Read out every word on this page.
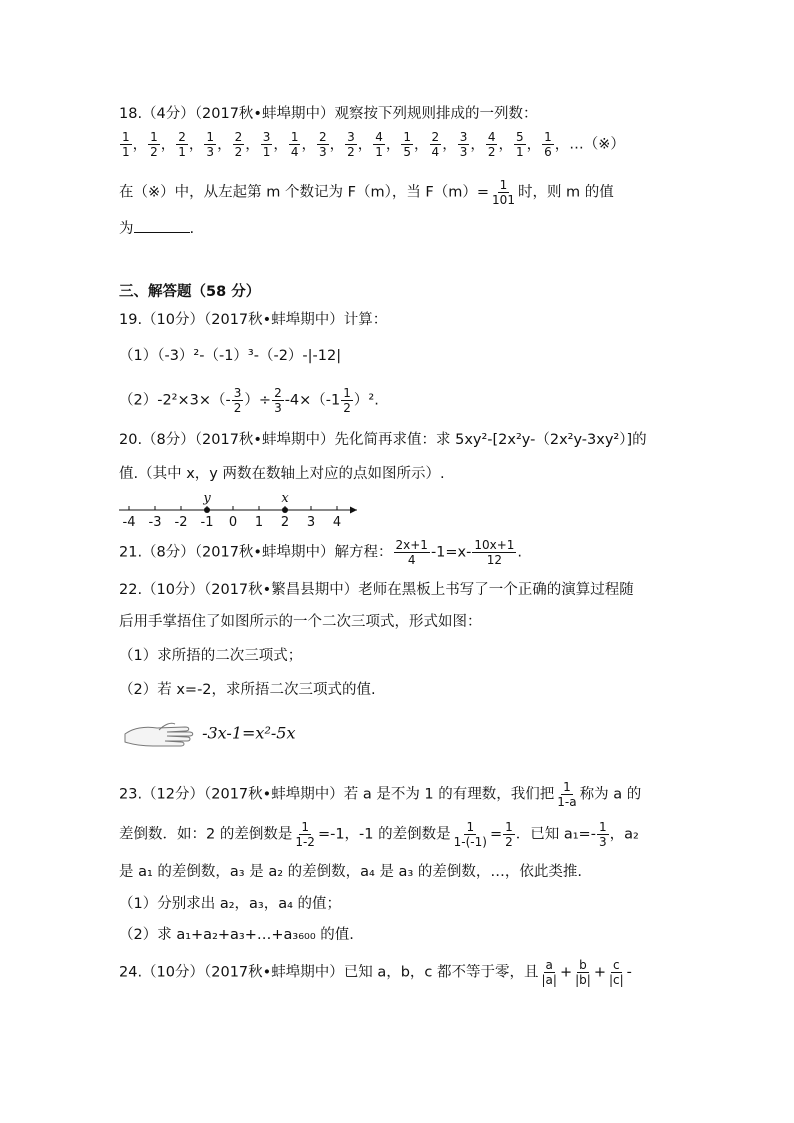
18.（4分）（2017秋•蚌埠期中）观察按下列规则排成的一列数：
$\frac{1}{1}$ ， $\frac{1}{2}$ ， $\frac{2}{1}$ ， $\frac{1}{3}$ ， $\frac{2}{2}$ ， $\frac{3}{1}$ ， $\frac{1}{4}$ ， $\frac{2}{3}$ ， $\frac{3}{2}$ ， $\frac{4}{1}$ ， $\frac{1}{5}$ ， $\frac{2}{4}$ ， $\frac{3}{3}$ ， $\frac{4}{2}$ ， $\frac{5}{1}$ ， $\frac{1}{6}$ ，…（※）
在（※）中，从左起第 m 个数记为 F（m），当 $F(m)= \frac{1}{101}$ 时，则 m 的值
为	.
三、解答题（58 分）
19.（10分）（2017秋•蚌埠期中）计算：
（1）（-3）²-（-1）³-（-2）-|-12|
$(2)-2^2\times 3\times(- \frac{3}{2}$ ）÷ $\frac{2}{3} -4\times(-1 \frac{1}{2} )^2$.
20.（8分）（2017秋•蚌埠期中）先化简再求值：求 5xy²-[2x²y-（2x²y-3xy²）]的
值.（其中 x，y 两数在数轴上对应的点如图所示）.
-4 -3 -2 -1 0 1 2 3 4
y	x
21.（8分）（2017秋•蚌埠期中）解方程： $\frac{2x+1}{4} -1=x- \frac{10x+1}{12}$ .
22.（10分）（2017秋•繁昌县期中）老师在黑板上书写了一个正确的演算过程随
后用手掌捂住了如图所示的一个二次三项式，形式如图：
（1）求所捂的二次三项式；
（2）若 x=-2，求所捂二次三项式的值.
-3x-1=x²-5x
23.（12分）（2017秋•蚌埠期中）若 a 是不为 1 的有理数，我们把 $\frac{1}{1-a}$ 称为 a 的
差倒数．如：2 的差倒数是 $\frac{1}{1-2} =-1$，-1 的差倒数是 $\frac{1}{1-(-1)} = \frac{1}{2}$ ．已知 $a_1=- \frac{1}{3}$ ，a₂
是 a₁ 的差倒数，a₃ 是 a₂ 的差倒数，a₄ 是 a₃ 的差倒数，…，依此类推.
（1）分别求出 a₂，a₃，a₄ 的值；
（2）求 a₁+a₂+a₃+…+a₃₆₀₀ 的值.
24.（10分）（2017秋•蚌埠期中）已知 a，b，c 都不等于零，且 $\frac{a}{|a|} + \frac{b}{|b|} + \frac{c}{|c|}$ -
